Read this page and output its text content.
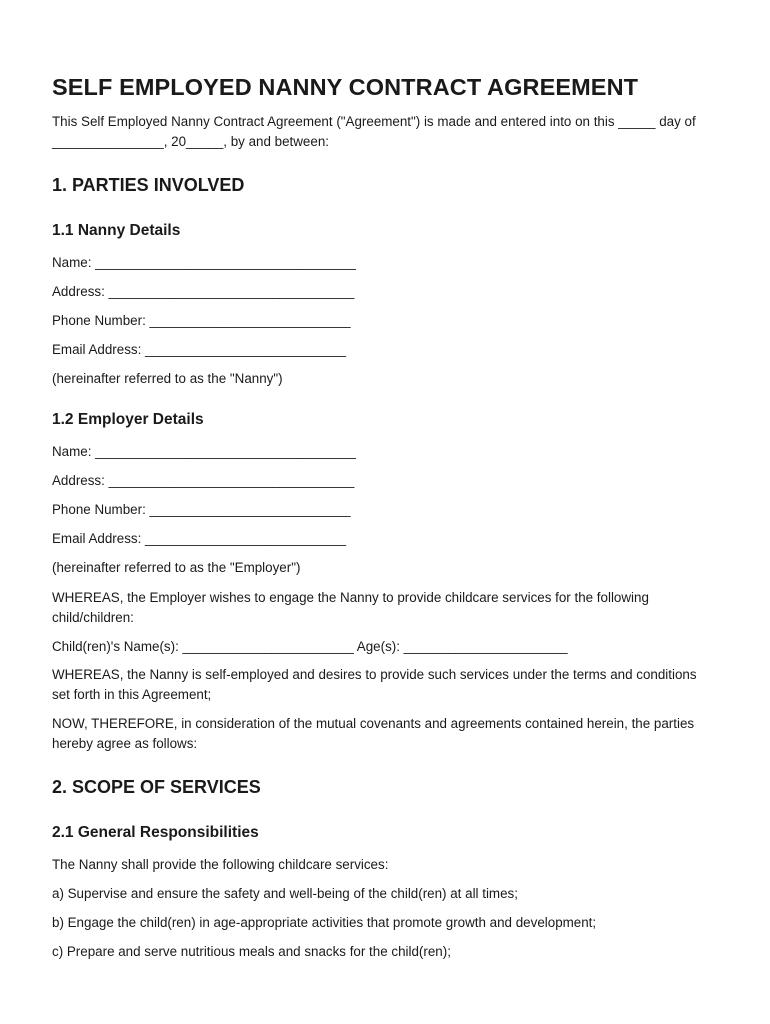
SELF EMPLOYED NANNY CONTRACT AGREEMENT

This Self Employed Nanny Contract Agreement ("Agreement") is made and entered into on this _____ day of _______________, 20_____, by and between:

1. PARTIES INVOLVED
1.1 Nanny Details

Name: ___________________________________

Address: _________________________________

Phone Number: ___________________________

Email Address: ___________________________

(hereinafter referred to as the "Nanny")

1.2 Employer Details

Name: ___________________________________

Address: _________________________________

Phone Number: ___________________________

Email Address: ___________________________

(hereinafter referred to as the "Employer")

WHEREAS, the Employer wishes to engage the Nanny to provide childcare services for the following child/children:

Child(ren)'s Name(s): _______________________ Age(s): ______________________

WHEREAS, the Nanny is self-employed and desires to provide such services under the terms and conditions set forth in this Agreement;

NOW, THEREFORE, in consideration of the mutual covenants and agreements contained herein, the parties hereby agree as follows:

2. SCOPE OF SERVICES
2.1 General Responsibilities

The Nanny shall provide the following childcare services:

a) Supervise and ensure the safety and well-being of the child(ren) at all times;

b) Engage the child(ren) in age-appropriate activities that promote growth and development;

c) Prepare and serve nutritious meals and snacks for the child(ren);
